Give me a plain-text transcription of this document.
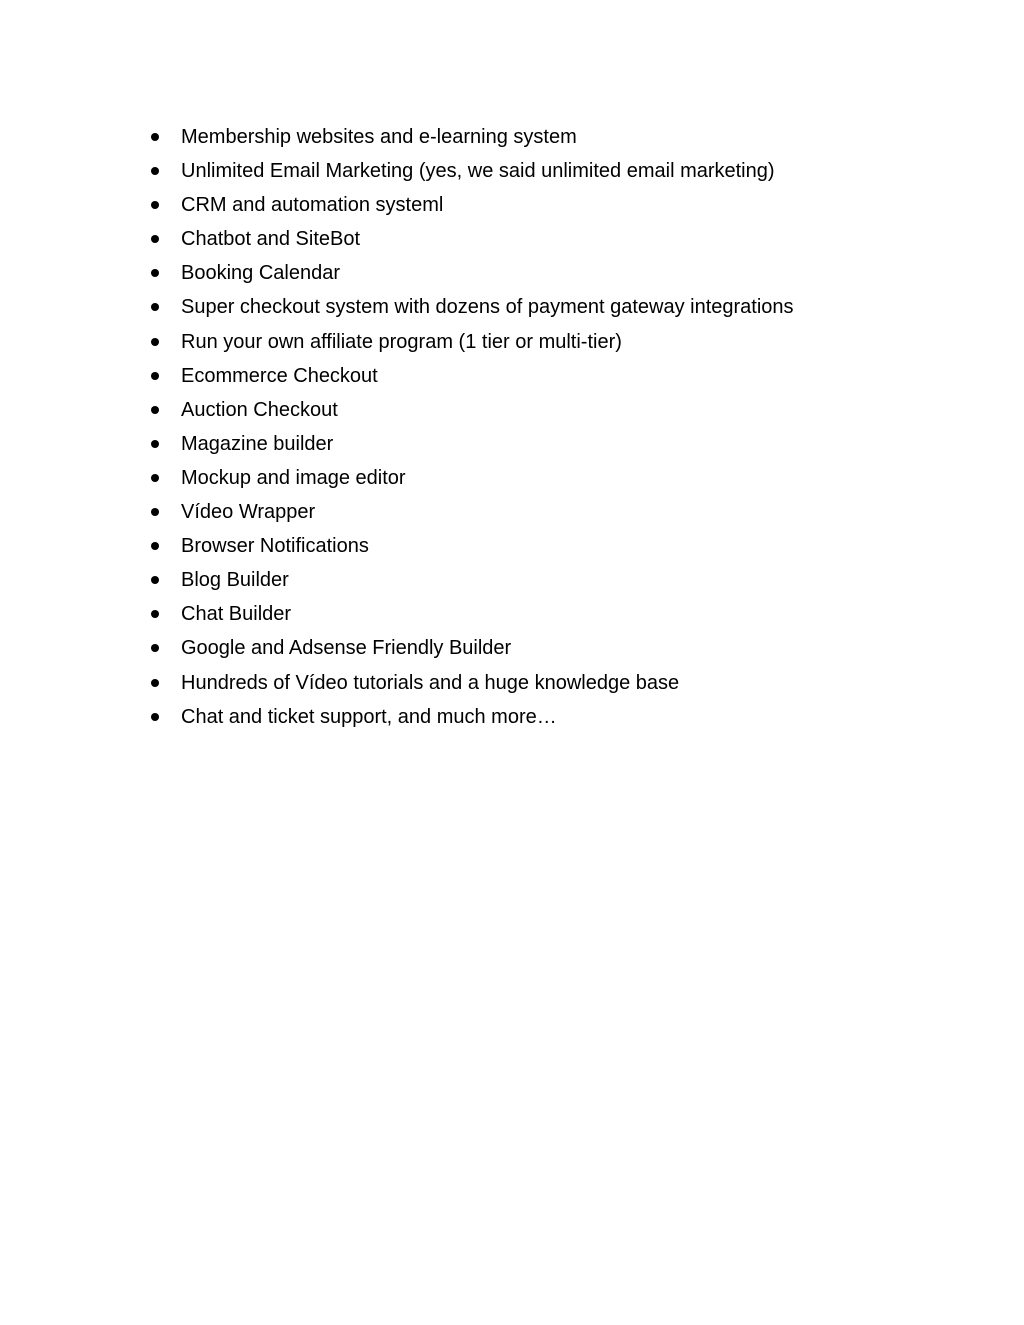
Membership websites and e-learning system
Unlimited Email Marketing (yes, we said unlimited email marketing)
CRM and automation systeml
Chatbot and SiteBot
Booking Calendar
Super checkout system with dozens of payment gateway integrations
Run your own affiliate program (1 tier or multi-tier)
Ecommerce Checkout
Auction Checkout
Magazine builder
Mockup and image editor
Vídeo Wrapper
Browser Notifications
Blog Builder
Chat Builder
Google and Adsense Friendly Builder
Hundreds of Vídeo tutorials and a huge knowledge base
Chat and ticket support, and much more…
